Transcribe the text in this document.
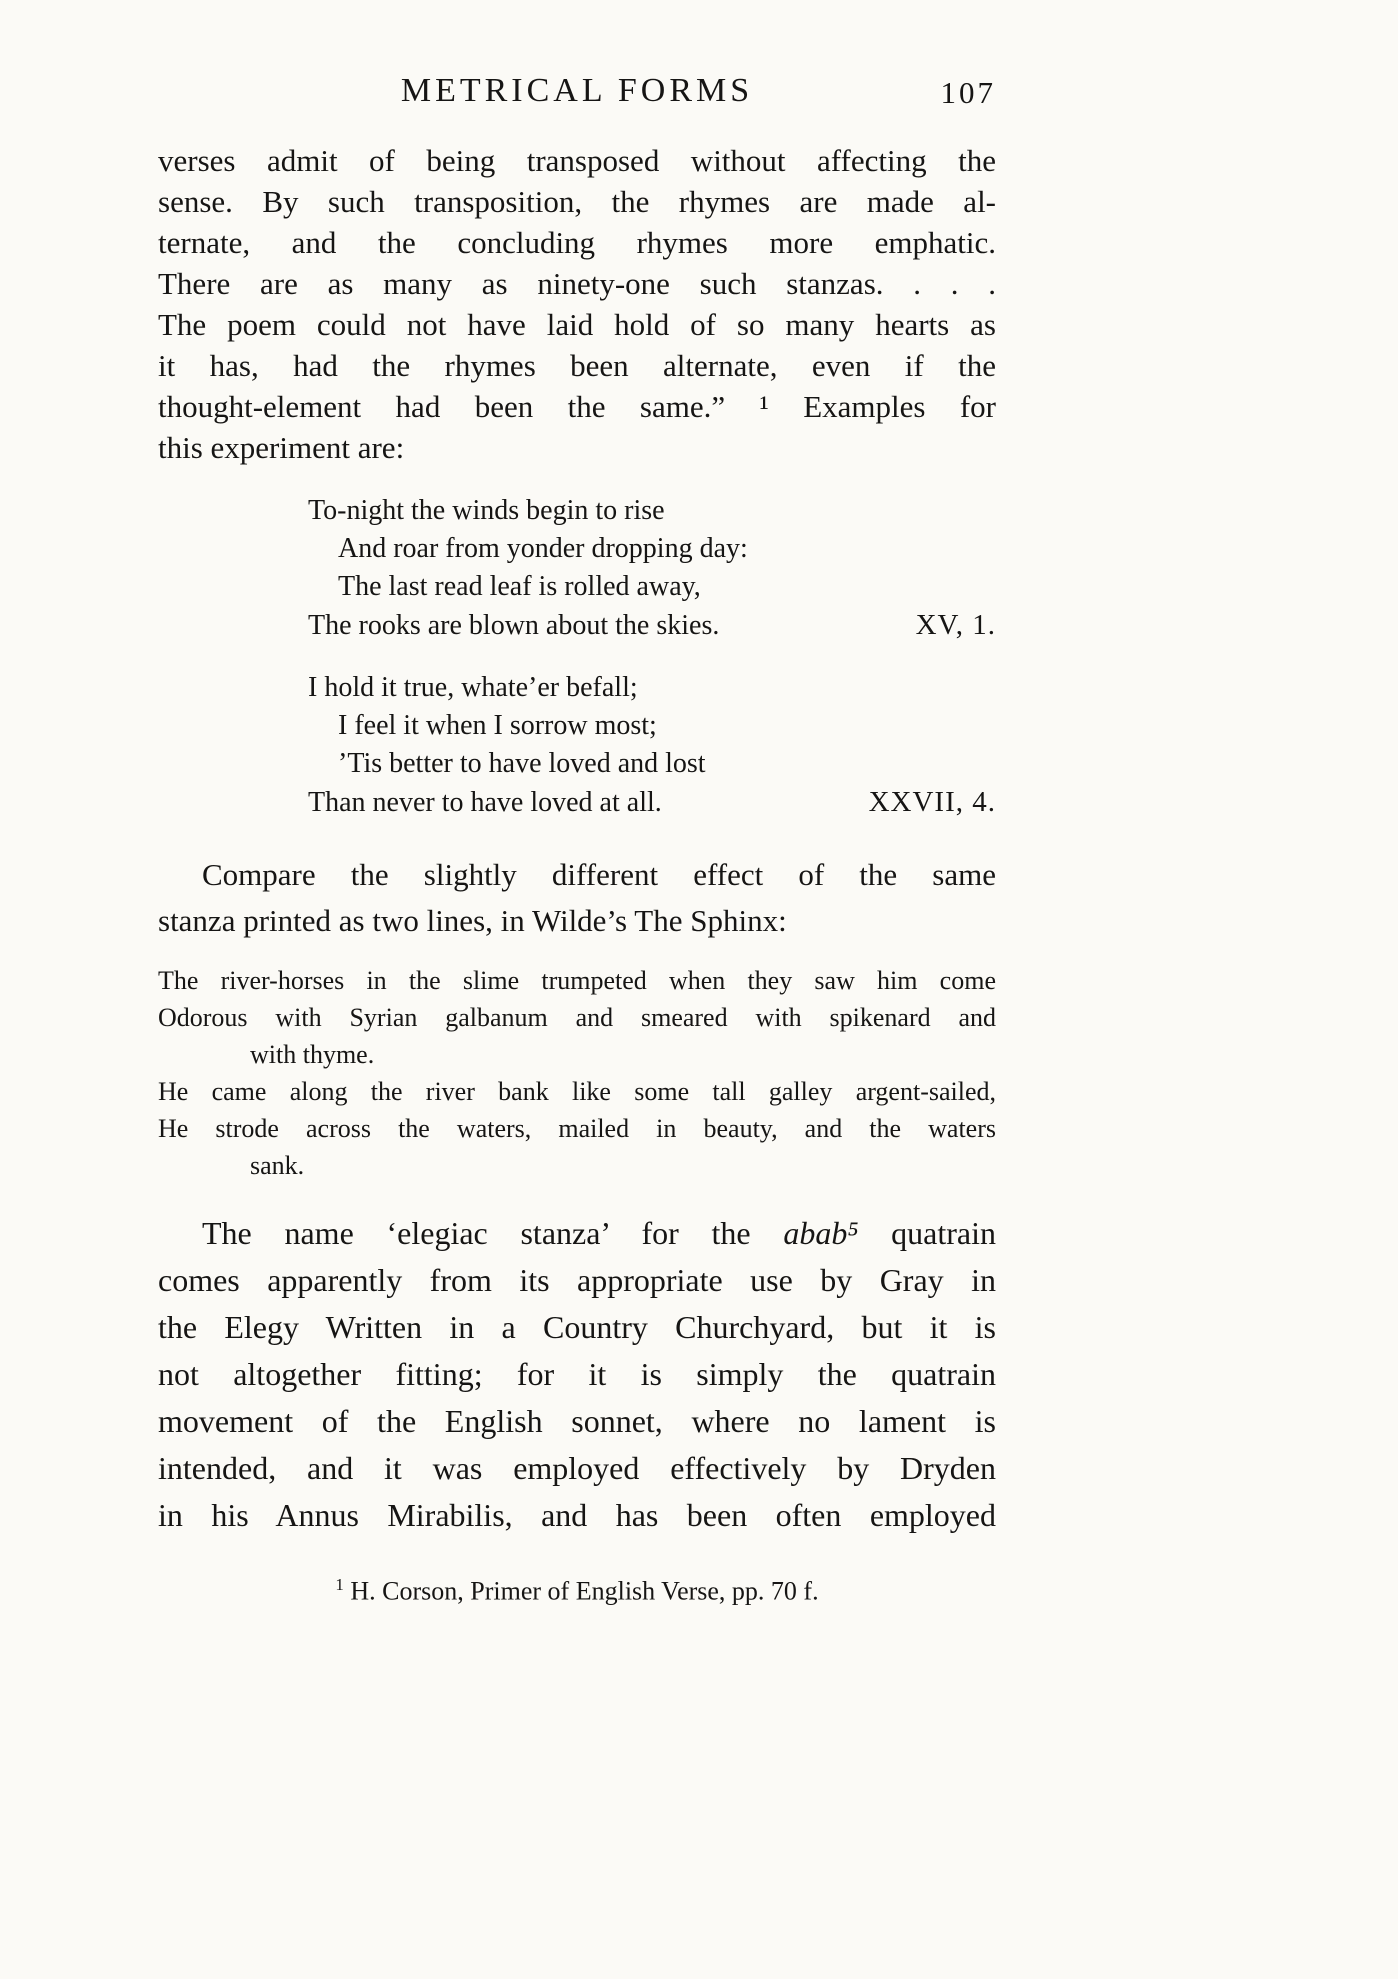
METRICAL FORMS	107
verses admit of being transposed without affecting the
sense. By such transposition, the rhymes are made al-
ternate, and the concluding rhymes more emphatic.
There are as many as ninety-one such stanzas. . . .
The poem could not have laid hold of so many hearts as
it has, had the rhymes been alternate, even if the
thought-element had been the same.” ¹ Examples for
this experiment are:
To-night the winds begin to rise
And roar from yonder dropping day:
The last read leaf is rolled away,
The rooks are blown about the skies.	XV, 1.
I hold it true, whate’er befall;
I feel it when I sorrow most;
’Tis better to have loved and lost
Than never to have loved at all.	XXVII, 4.
Compare the slightly different effect of the same
stanza printed as two lines, in Wilde’s The Sphinx:
The river-horses in the slime trumpeted when they saw him come
Odorous with Syrian galbanum and smeared with spikenard and
with thyme.
He came along the river bank like some tall galley argent-sailed,
He strode across the waters, mailed in beauty, and the waters
sank.
The name ‘elegiac stanza’ for the abab⁵ quatrain
comes apparently from its appropriate use by Gray in
the Elegy Written in a Country Churchyard, but it is
not altogether fitting; for it is simply the quatrain
movement of the English sonnet, where no lament is
intended, and it was employed effectively by Dryden
in his Annus Mirabilis, and has been often employed
$^1$ H. Corson, Primer of English Verse, pp. 70 f.
